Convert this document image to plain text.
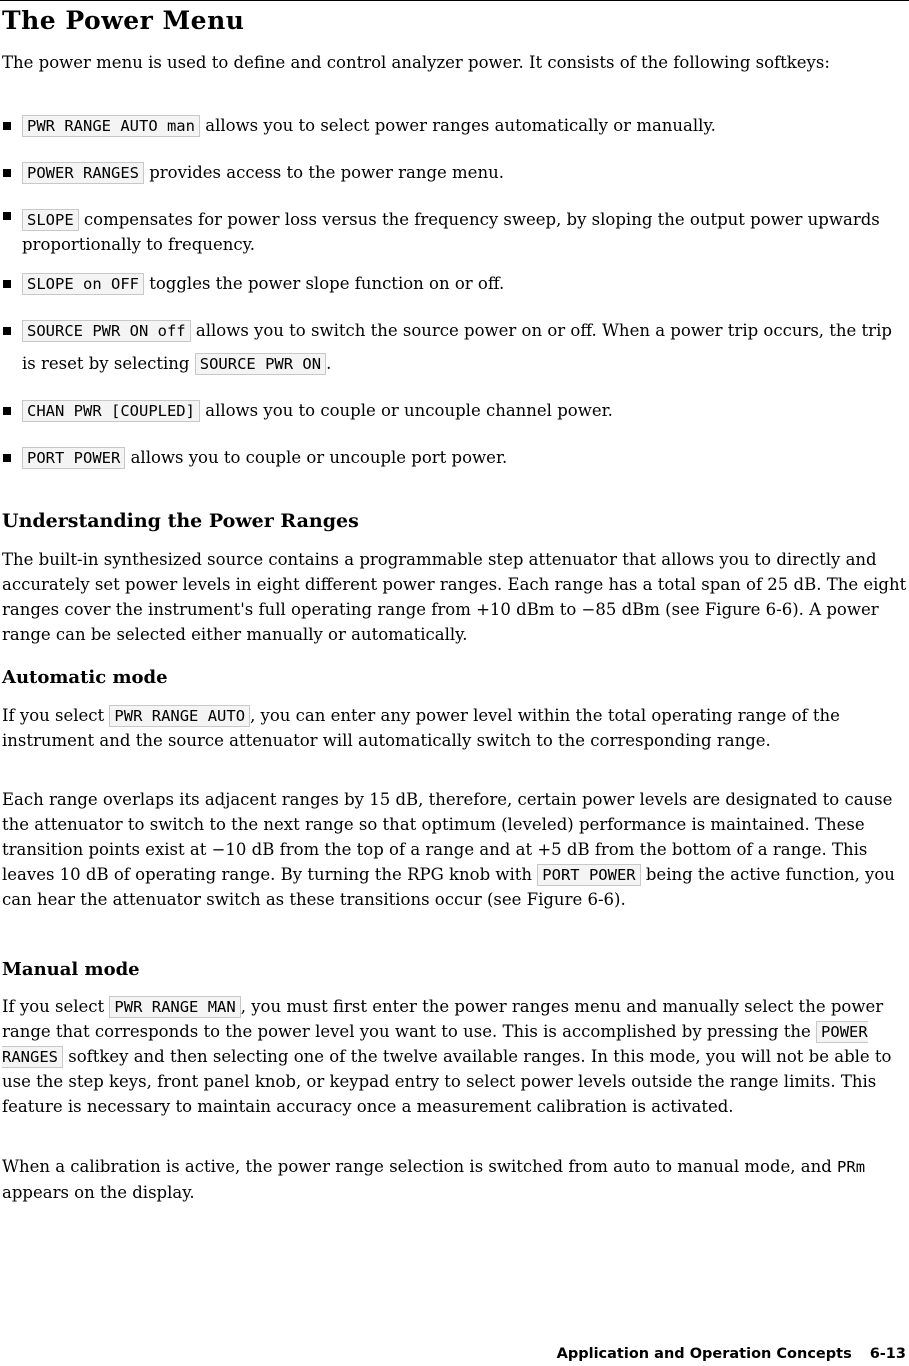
The Power Menu

The power menu is used to define and control analyzer power. It consists of the following softkeys:

PWR RANGE AUTO man allows you to select power ranges automatically or manually.
POWER RANGES provides access to the power range menu.
SLOPE compensates for power loss versus the frequency sweep, by sloping the output power upwards proportionally to frequency.
SLOPE on OFF toggles the power slope function on or off.
SOURCE PWR ON off allows you to switch the source power on or off. When a power trip occurs, the trip is reset by selecting SOURCE PWR ON .
CHAN PWR [COUPLED] allows you to couple or uncouple channel power.
PORT POWER allows you to couple or uncouple port power.
Understanding the Power Ranges

The built-in synthesized source contains a programmable step attenuator that allows you to directly and accurately set power levels in eight different power ranges. Each range has a total span of 25 dB. The eight ranges cover the instrument's full operating range from +10 dBm to −85 dBm (see Figure 6-6). A power range can be selected either manually or automatically.

Automatic mode

If you select PWR RANGE AUTO , you can enter any power level within the total operating range of the instrument and the source attenuator will automatically switch to the corresponding range.

Each range overlaps its adjacent ranges by 15 dB, therefore, certain power levels are designated to cause the attenuator to switch to the next range so that optimum (leveled) performance is maintained. These transition points exist at −10 dB from the top of a range and at +5 dB from the bottom of a range. This leaves 10 dB of operating range. By turning the RPG knob with PORT POWER being the active function, you can hear the attenuator switch as these transitions occur (see Figure 6-6).

Manual mode

If you select PWR RANGE MAN , you must first enter the power ranges menu and manually select the power range that corresponds to the power level you want to use. This is accomplished by pressing the POWER RANGES softkey and then selecting one of the twelve available ranges. In this mode, you will not be able to use the step keys, front panel knob, or keypad entry to select power levels outside the range limits. This feature is necessary to maintain accuracy once a measurement calibration is activated.

When a calibration is active, the power range selection is switched from auto to manual mode, and PRm appears on the display.

Application and Operation Concepts 6-13
